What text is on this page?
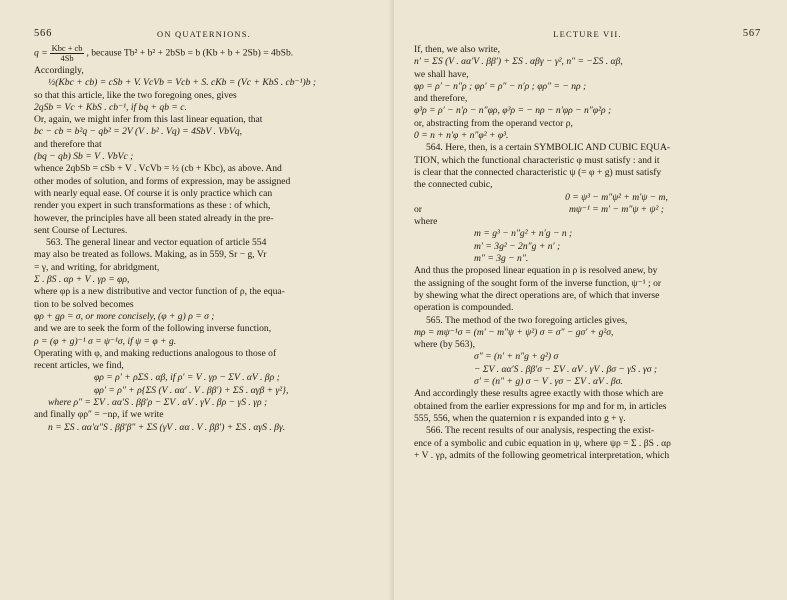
566	ON QUATERNIONS.

$q = \frac{\text{Kbc + cb}}{4Sb}$ , because Tb² + b² + 2bSb = b (Kb + b + 2Sb) = 4bSb.

Accordingly,

½(Kbc + cb) = cSb + V. VcVb = Vcb + S. cKb = (Vc + KbS . cb⁻¹)b ;

so that this article, like the two foregoing ones, gives

2qSb = Vc + KbS . cb⁻¹, if bq + qb = c.

Or, again, we might infer from this last linear equation, that

bc − cb = b²q − qb² = 2V (V . b² . Vq) = 4SbV . VbVq,

and therefore that

(bq − qb) Sb = V . VbVc ;

whence 2qbSb = cSb + V . VcVb = ½ (cb + Kbc), as above. And

other modes of solution, and forms of expression, may be assigned

with nearly equal ease. Of course it is only practice which can

render you expert in such transformations as these : of which,

however, the principles have all been stated already in the pre-

sent Course of Lectures.

563. The general linear and vector equation of article 554

may also be treated as follows. Making, as in 559, Sr − g, Vr

= γ, and writing, for abridgment,

Σ . βS . αρ + V . γρ = φρ,

where φρ is a new distributive and vector function of ρ, the equa-

tion to be solved becomes

φρ + gρ = σ, or more concisely, (φ + g) ρ = σ ;

and we are to seek the form of the following inverse function,

ρ = (φ + g)⁻¹ σ = ψ⁻¹σ, if ψ = φ + g.

Operating with φ, and making reductions analogous to those of

recent articles, we find,

φρ = ρ′ + ρΣS . αβ, if ρ′ = V . γρ − ΣV . αV . βρ ;

φρ′ = ρ″ + ρ{ΣS (V . αα′ . V . ββ′) + ΣS . αγβ + γ²},

where ρ″ = ΣV . αα′S . ββ′ρ − ΣV . αV . γV . βρ − γS . γρ ;

and finally φρ″ = −nρ, if we write

n = ΣS . αα′α″S . ββ′β″ + ΣS (γV . αα . V . ββ′) + ΣS . αγS . βγ.

567
LECTURE VII.

If, then, we also write,

n′ = ΣS (V . αα′V . ββ′) + ΣS . αβγ − γ², n″ = −ΣS . αβ,

we shall have,

φρ = ρ′ − n″ρ ; φρ′ = ρ″ − n′ρ ; φρ″ = − nρ ;

and therefore,

φ³ρ = ρ′ − n′ρ − n″φρ, φ³ρ = − nρ − n′φρ − n″φ²ρ ;

or, abstracting from the operand vector ρ,

0 = n + n′φ + n″φ² + φ³.

564. Here, then, is a certain SYMBOLIC AND CUBIC EQUA-

TION, which the functional characteristic φ must satisfy : and it

is clear that the connected characteristic ψ (= φ + g) must satisfy

the connected cubic,

0 = ψ³ − m″ψ² + m′ψ − m,
or	mψ⁻¹ = m′ − m″ψ + ψ² ;
where

m = g³ − n″g² + n′g − n ;

m′ = 3g² − 2n″g + n′ ;

m″ = 3g − n″.

And thus the proposed linear equation in ρ is resolved anew, by

the assigning of the sought form of the inverse function, ψ⁻¹ ; or

by shewing what the direct operations are, of which that inverse

operation is compounded.

565. The method of the two foregoing articles gives,

mρ = mψ⁻¹σ = (m′ − m″ψ + ψ²) σ = σ″ − gσ′ + g²σ,

where (by 563),

σ″ = (n′ + n″g + g²) σ

− ΣV . αα′S . ββ′σ − ΣV . αV . γV . βσ − γS . γσ ;

σ′ = (n″ + g) σ − V . γσ − ΣV . αV . βσ.

And accordingly these results agree exactly with those which are

obtained from the earlier expressions for mρ and for m, in articles

555, 556, when the quaternion r is expanded into g + γ.

566. The recent results of our analysis, respecting the exist-

ence of a symbolic and cubic equation in ψ, where ψρ = Σ . βS . αρ

+ V . γρ, admits of the following geometrical interpretation, which
